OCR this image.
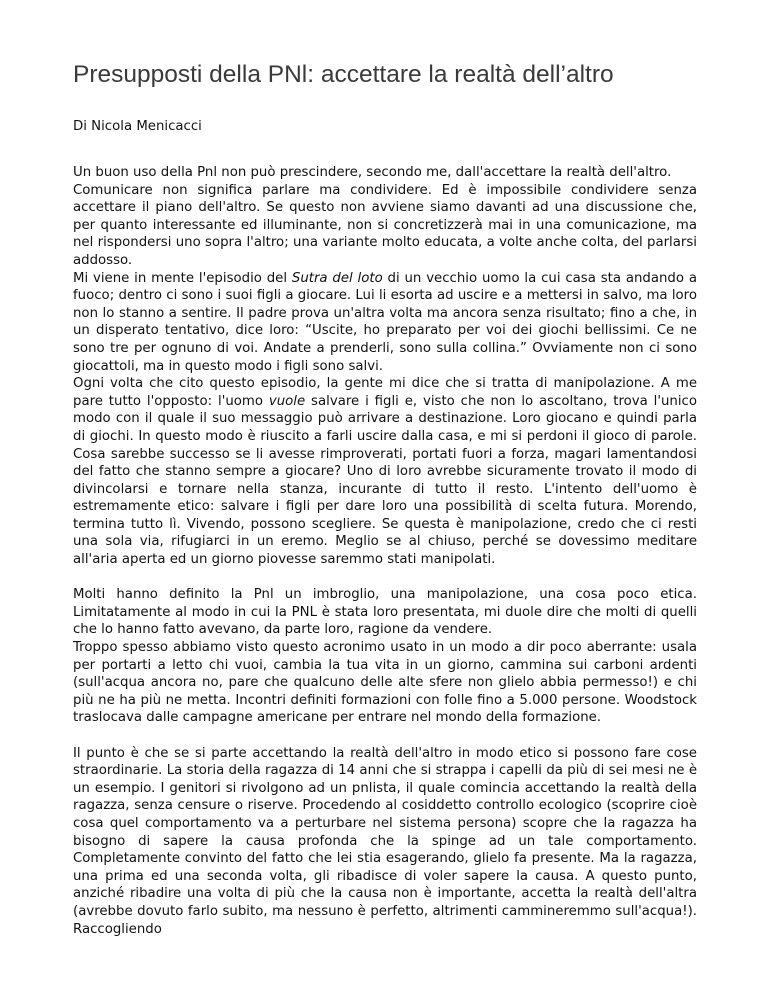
Presupposti della PNl: accettare la realtà dell’altro
Di Nicola Menicacci

Un buon uso della Pnl non può prescindere, secondo me, dall'accettare la realtà dell'altro.

Comunicare non significa parlare ma condividere. Ed è impossibile condividere senza accettare il piano dell'altro. Se questo non avviene siamo davanti ad una discussione che, per quanto interessante ed illuminante, non si concretizzerà mai in una comunicazione, ma nel rispondersi uno sopra l'altro; una variante molto educata, a volte anche colta, del parlarsi addosso.

Mi viene in mente l'episodio del Sutra del loto di un vecchio uomo la cui casa sta andando a fuoco; dentro ci sono i suoi figli a giocare. Lui li esorta ad uscire e a mettersi in salvo, ma loro non lo stanno a sentire. Il padre prova un'altra volta ma ancora senza risultato; fino a che, in un disperato tentativo, dice loro: “Uscite, ho preparato per voi dei giochi bellissimi. Ce ne sono tre per ognuno di voi. Andate a prenderli, sono sulla collina.” Ovviamente non ci sono giocattoli, ma in questo modo i figli sono salvi.

Ogni volta che cito questo episodio, la gente mi dice che si tratta di manipolazione. A me pare tutto l'opposto: l'uomo vuole salvare i figli e, visto che non lo ascoltano, trova l'unico modo con il quale il suo messaggio può arrivare a destinazione. Loro giocano e quindi parla di giochi. In questo modo è riuscito a farli uscire dalla casa, e mi si perdoni il gioco di parole. Cosa sarebbe successo se li avesse rimproverati, portati fuori a forza, magari lamentandosi del fatto che stanno sempre a giocare? Uno di loro avrebbe sicuramente trovato il modo di divincolarsi e tornare nella stanza, incurante di tutto il resto. L'intento dell'uomo è estremamente etico: salvare i figli per dare loro una possibilità di scelta futura. Morendo, termina tutto lì. Vivendo, possono scegliere. Se questa è manipolazione, credo che ci resti una sola via, rifugiarci in un eremo. Meglio se al chiuso, perché se dovessimo meditare all'aria aperta ed un giorno piovesse saremmo stati manipolati.

Molti hanno definito la Pnl un imbroglio, una manipolazione, una cosa poco etica. Limitatamente al modo in cui la PNL è stata loro presentata, mi duole dire che molti di quelli che lo hanno fatto avevano, da parte loro, ragione da vendere.

Troppo spesso abbiamo visto questo acronimo usato in un modo a dir poco aberrante: usala per portarti a letto chi vuoi, cambia la tua vita in un giorno, cammina sui carboni ardenti (sull'acqua ancora no, pare che qualcuno delle alte sfere non glielo abbia permesso!) e chi più ne ha più ne metta. Incontri definiti formazioni con folle fino a 5.000 persone. Woodstock traslocava dalle campagne americane per entrare nel mondo della formazione.

Il punto è che se si parte accettando la realtà dell'altro in modo etico si possono fare cose straordinarie. La storia della ragazza di 14 anni che si strappa i capelli da più di sei mesi ne è un esempio. I genitori si rivolgono ad un pnlista, il quale comincia accettando la realtà della ragazza, senza censure o riserve. Procedendo al cosiddetto controllo ecologico (scoprire cioè cosa quel comportamento va a perturbare nel sistema persona) scopre che la ragazza ha bisogno di sapere la causa profonda che la spinge ad un tale comportamento. Completamente convinto del fatto che lei stia esagerando, glielo fa presente. Ma la ragazza, una prima ed una seconda volta, gli ribadisce di voler sapere la causa. A questo punto, anziché ribadire una volta di più che la causa non è importante, accetta la realtà dell'altra (avrebbe dovuto farlo subito, ma nessuno è perfetto, altrimenti cammineremmo sull'acqua!). Raccogliendo
